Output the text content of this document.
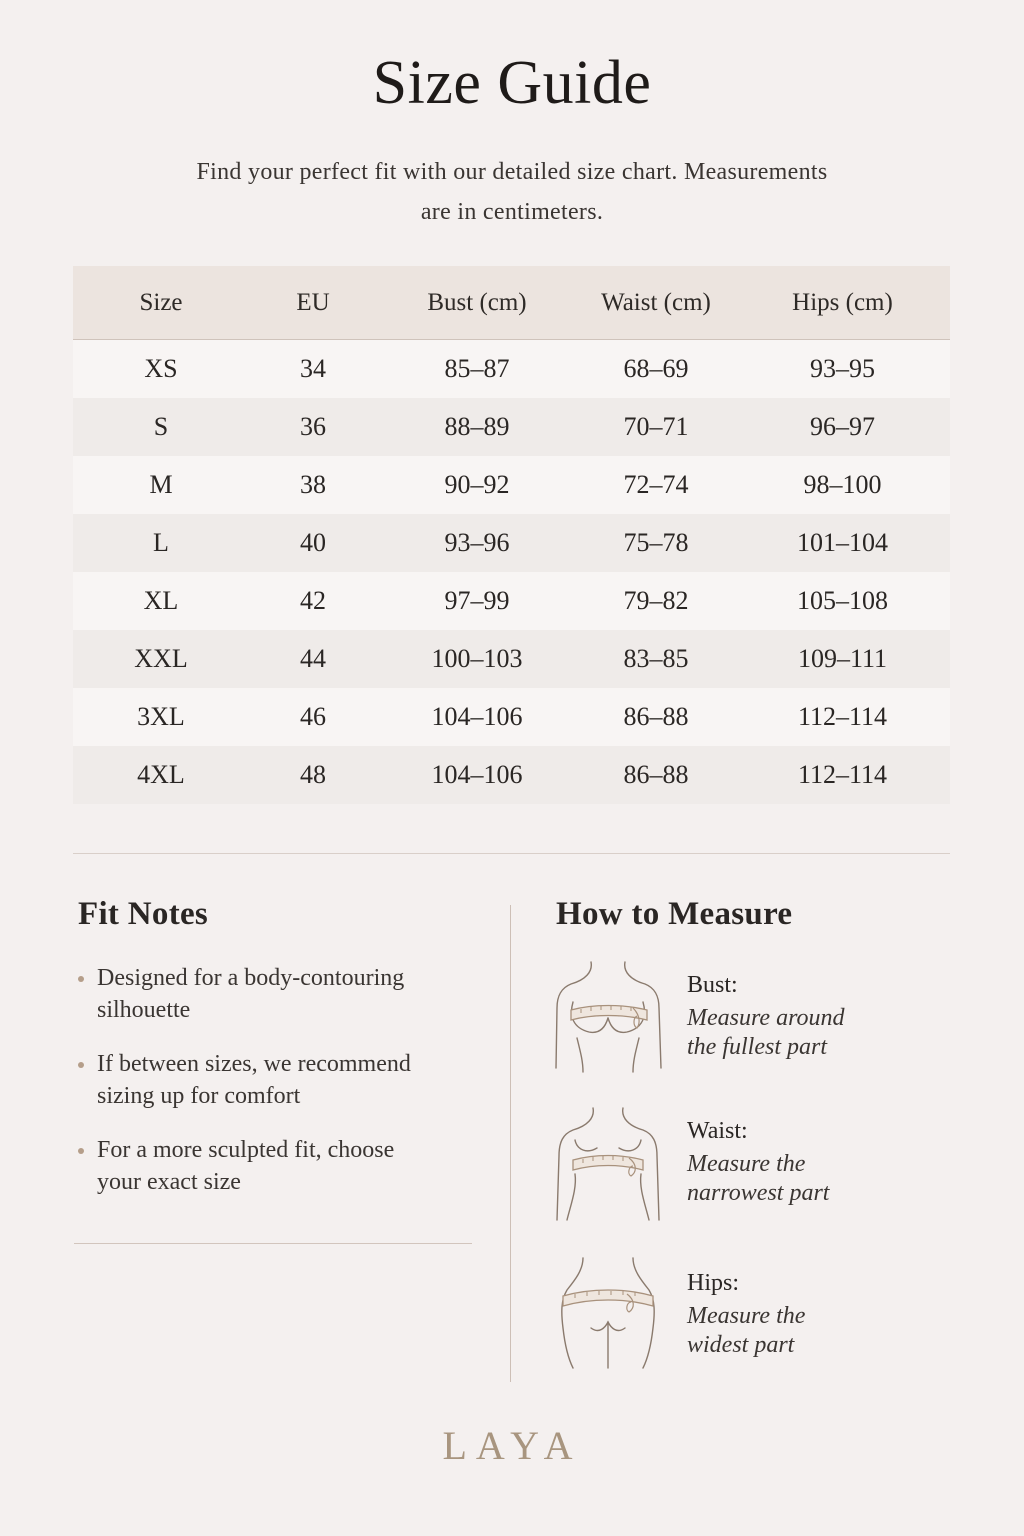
Size Guide

Find your perfect fit with our detailed size chart. Measurements
are in centimeters.

Size	EU	Bust (cm)	Waist (cm)	Hips (cm)
XS	34	85–87	68–69	93–95
S	36	88–89	70–71	96–97
M	38	90–92	72–74	98–100
L	40	93–96	75–78	101–104
XL	42	97–99	79–82	105–108
XXL	44	100–103	83–85	109–111
3XL	46	104–106	86–88	112–114
4XL	48	104–106	86–88	112–114
Fit Notes
Designed for a body-contouring
silhouette
If between sizes, we recommend
sizing up for comfort
For a more sculpted fit, choose
your exact size
How to Measure
Bust:
Measure around
the fullest part
Waist:
Measure the
narrowest part
Hips:
Measure the
widest part
LAYA
